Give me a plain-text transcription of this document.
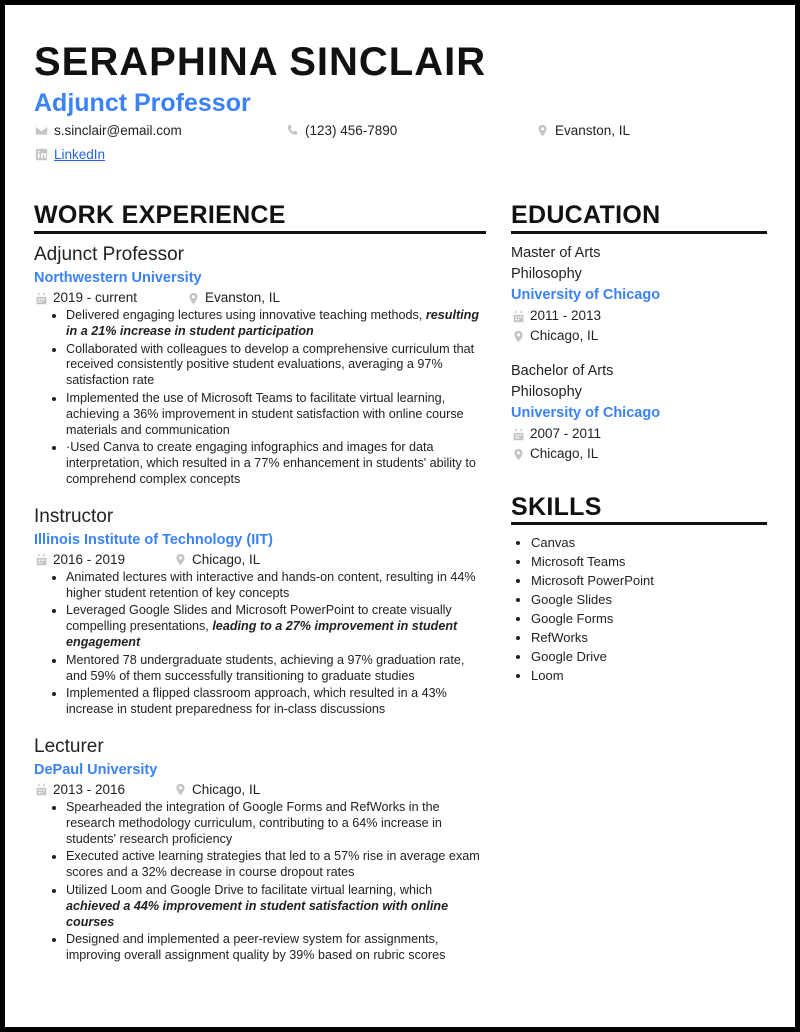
SERAPHINA SINCLAIR
Adjunct Professor
s.sinclair@email.com	(123) 456-7890	Evanston, IL
LinkedIn
WORK EXPERIENCE	EDUCATION
Adjunct Professor
Northwestern University
2019 - current	Evanston, IL
• Delivered engaging lectures using innovative teaching methods, resulting in a 21% increase in student participation
• Collaborated with colleagues to develop a comprehensive curriculum that received consistently positive student evaluations, averaging a 97% satisfaction rate
• Implemented the use of Microsoft Teams to facilitate virtual learning, achieving a 36% improvement in student satisfaction with online course materials and communication
• ·Used Canva to create engaging infographics and images for data interpretation, which resulted in a 77% enhancement in students' ability to comprehend complex concepts
Instructor
Illinois Institute of Technology (IIT)
2016 - 2019	Chicago, IL
• Animated lectures with interactive and hands-on content, resulting in 44% higher student retention of key concepts
• Leveraged Google Slides and Microsoft PowerPoint to create visually compelling presentations, leading to a 27% improvement in student engagement
• Mentored 78 undergraduate students, achieving a 97% graduation rate, and 59% of them successfully transitioning to graduate studies
• Implemented a flipped classroom approach, which resulted in a 43% increase in student preparedness for in-class discussions
Lecturer
DePaul University
2013 - 2016	Chicago, IL
• Spearheaded the integration of Google Forms and RefWorks in the research methodology curriculum, contributing to a 64% increase in students' research proficiency
• Executed active learning strategies that led to a 57% rise in average exam scores and a 32% decrease in course dropout rates
• Utilized Loom and Google Drive to facilitate virtual learning, which achieved a 44% improvement in student satisfaction with online courses
• Designed and implemented a peer-review system for assignments, improving overall assignment quality by 39% based on rubric scores
Master of Arts
Philosophy
University of Chicago
2011 - 2013
Chicago, IL
Bachelor of Arts
Philosophy
University of Chicago
2007 - 2011
Chicago, IL
SKILLS
• Canvas
• Microsoft Teams
• Microsoft PowerPoint
• Google Slides
• Google Forms
• RefWorks
• Google Drive
• Loom
